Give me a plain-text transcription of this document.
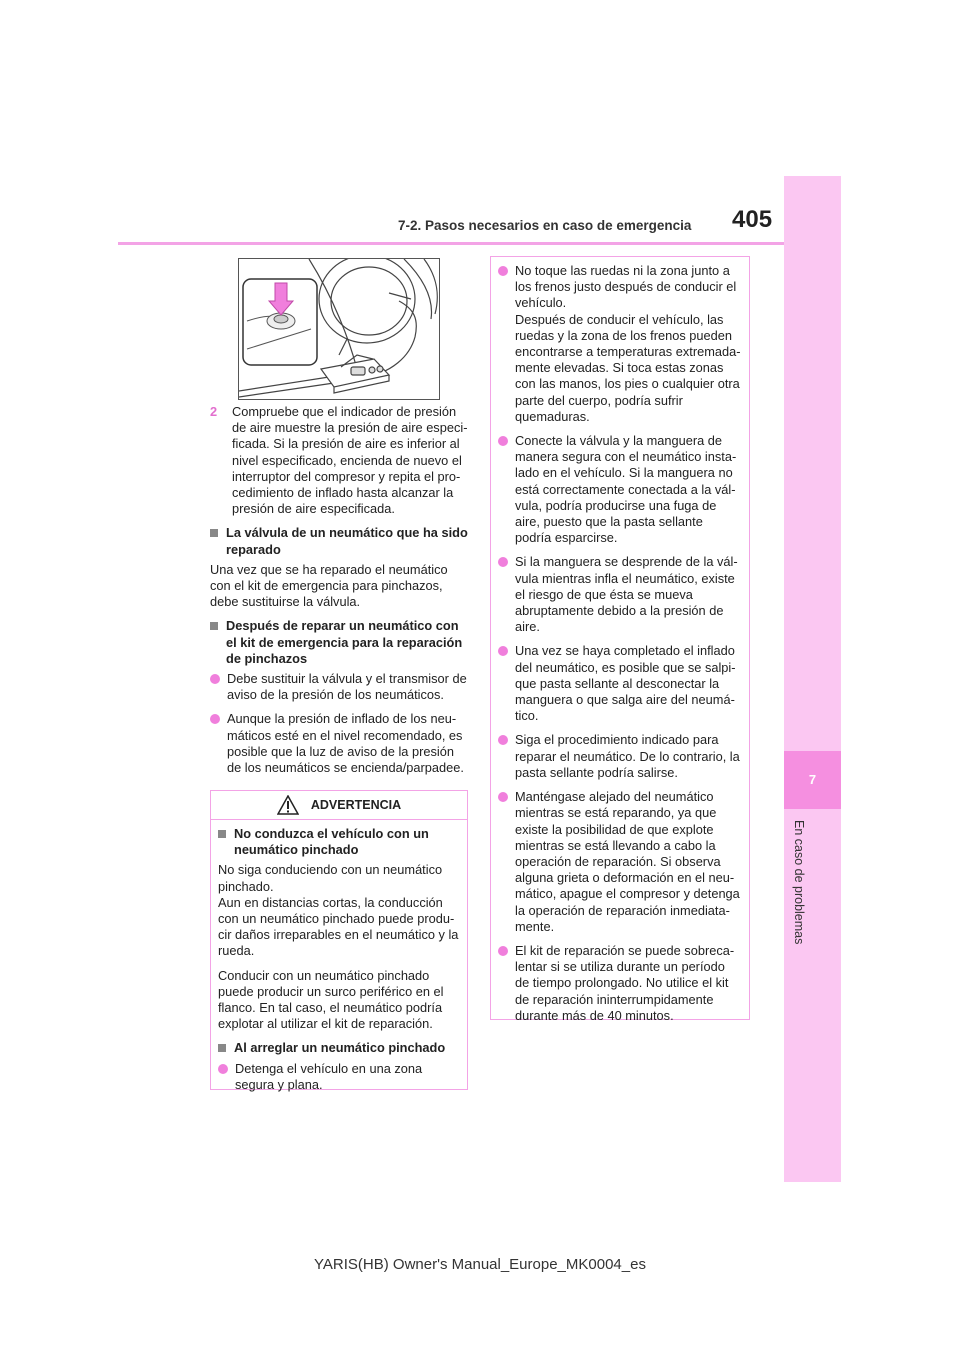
7-2. Pasos necesarios en caso de emergencia 405
7
En caso de problemas
2	Compruebe que el indicador de presión de aire muestre la presión de aire especificada. Si la presión de aire es inferior al nivel especificado, encienda de nuevo el interruptor del compresor y repita el procedimiento de inflado hasta alcanzar la presión de aire especificada.
La válvula de un neumático que ha sido reparado

Una vez que se ha reparado el neumático con el kit de emergencia para pinchazos, debe sustituirse la válvula.

Después de reparar un neumático con el kit de emergencia para la reparación de pinchazos
Debe sustituir la válvula y el transmisor de aviso de la presión de los neumáticos.
Aunque la presión de inflado de los neumáticos esté en el nivel recomendado, es posible que la luz de aviso de la presión de los neumáticos se encienda/parpadee.
ADVERTENCIA
No conduzca el vehículo con un neumático pinchado

No siga conduciendo con un neumático pinchado.
Aun en distancias cortas, la conducción con un neumático pinchado puede producir daños irreparables en el neumático y la rueda.

Conducir con un neumático pinchado puede producir un surco periférico en el flanco. En tal caso, el neumático podría explotar al utilizar el kit de reparación.

Al arreglar un neumático pinchado
Detenga el vehículo en una zona segura y plana.
No toque las ruedas ni la zona junto a los frenos justo después de conducir el vehículo.
Después de conducir el vehículo, las ruedas y la zona de los frenos pueden encontrarse a temperaturas extremadamente elevadas. Si toca estas zonas con las manos, los pies o cualquier otra parte del cuerpo, podría sufrir quemaduras.
Conecte la válvula y la manguera de manera segura con el neumático instalado en el vehículo. Si la manguera no está correctamente conectada a la válvula, podría producirse una fuga de aire, puesto que la pasta sellante podría esparcirse.
Si la manguera se desprende de la válvula mientras infla el neumático, existe el riesgo de que ésta se mueva abruptamente debido a la presión de aire.
Una vez se haya completado el inflado del neumático, es posible que se salpique pasta sellante al desconectar la manguera o que salga aire del neumático.
Siga el procedimiento indicado para reparar el neumático. De lo contrario, la pasta sellante podría salirse.
Manténgase alejado del neumático mientras se está reparando, ya que existe la posibilidad de que explote mientras se está llevando a cabo la operación de reparación. Si observa alguna grieta o deformación en el neumático, apague el compresor y detenga la operación de reparación inmediatamente.
El kit de reparación se puede sobrecalentar si se utiliza durante un período de tiempo prolongado. No utilice el kit de reparación ininterrumpidamente durante más de 40 minutos.
YARIS(HB) Owner's Manual_Europe_MK0004_es
